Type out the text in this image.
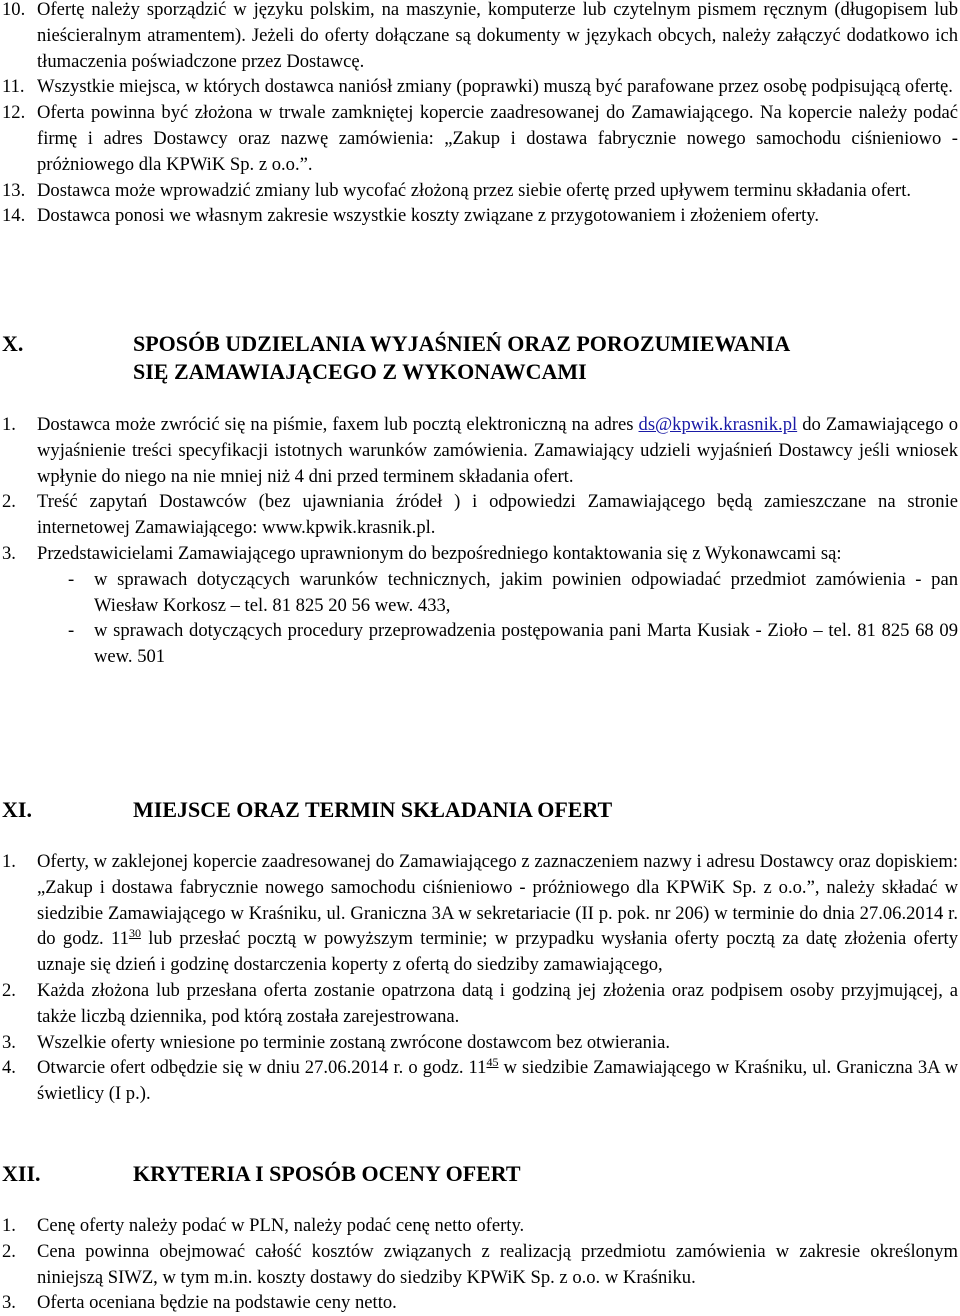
10. Ofertę należy sporządzić w języku polskim, na maszynie, komputerze lub czytelnym pismem ręcznym (długopisem lub nieścieralnym atramentem). Jeżeli do oferty dołączane są dokumenty w językach obcych, należy załączyć dodatkowo ich tłumaczenia poświadczone przez Dostawcę.
11. Wszystkie miejsca, w których dostawca naniósł zmiany (poprawki) muszą być parafowane przez osobę podpisującą ofertę.
12. Oferta powinna być złożona w trwale zamkniętej kopercie zaadresowanej do Zamawiającego. Na kopercie należy podać firmę i adres Dostawcy oraz nazwę zamówienia: „Zakup i dostawa fabrycznie nowego samochodu ciśnieniowo - próżniowego dla KPWiK Sp. z o.o.”.
13. Dostawca może wprowadzić zmiany lub wycofać złożoną przez siebie ofertę przed upływem terminu składania ofert.
14. Dostawca ponosi we własnym zakresie wszystkie koszty związane z przygotowaniem i złożeniem oferty.
X.	SPOSÓB UDZIELANIA WYJAŚNIEŃ ORAZ POROZUMIEWANIA
SIĘ ZAMAWIAJĄCEGO Z WYKONAWCAMI
1.	Dostawca może zwrócić się na piśmie, faxem lub pocztą elektroniczną na adres ds@kpwik.krasnik.pl do Zamawiającego o wyjaśnienie treści specyfikacji istotnych warunków zamówienia. Zamawiający udzieli wyjaśnień Dostawcy jeśli wniosek wpłynie do niego na nie mniej niż 4 dni przed terminem składania ofert.
2.	Treść zapytań Dostawców (bez ujawniania źródeł ) i odpowiedzi Zamawiającego będą zamieszczane na stronie internetowej Zamawiającego: www.kpwik.krasnik.pl.
3.	Przedstawicielami Zamawiającego uprawnionym do bezpośredniego kontaktowania się z Wykonawcami są:
-	w sprawach dotyczących warunków technicznych, jakim powinien odpowiadać przedmiot zamówienia - pan Wiesław Korkosz – tel. 81 825 20 56 wew. 433,
-	w sprawach dotyczących procedury przeprowadzenia postępowania pani Marta Kusiak - Zioło – tel. 81 825 68 09 wew. 501
XI.	MIEJSCE ORAZ TERMIN SKŁADANIA OFERT
1.	Oferty, w zaklejonej kopercie zaadresowanej do Zamawiającego z zaznaczeniem nazwy i adresu Dostawcy oraz dopiskiem: „Zakup i dostawa fabrycznie nowego samochodu ciśnieniowo - próżniowego dla KPWiK Sp. z o.o.”, należy składać w siedzibie Zamawiającego w Kraśniku, ul. Graniczna 3A w sekretariacie (II p. pok. nr 206) w terminie do dnia 27.06.2014 r. do godz. $11^{30}$ lub przesłać pocztą w powyższym terminie; w przypadku wysłania oferty pocztą za datę złożenia oferty uznaje się dzień i godzinę dostarczenia koperty z ofertą do siedziby zamawiającego,
2.	Każda złożona lub przesłana oferta zostanie opatrzona datą i godziną jej złożenia oraz podpisem osoby przyjmującej, a także liczbą dziennika, pod którą została zarejestrowana.
3.	Wszelkie oferty wniesione po terminie zostaną zwrócone dostawcom bez otwierania.
4.	Otwarcie ofert odbędzie się w dniu 27.06.2014 r. o godz. $11^{45}$ w siedzibie Zamawiającego w Kraśniku, ul. Graniczna 3A w świetlicy (I p.).
XII.	KRYTERIA I SPOSÓB OCENY OFERT
1.	Cenę oferty należy podać w PLN, należy podać cenę netto oferty.
2.	Cena powinna obejmować całość kosztów związanych z realizacją przedmiotu zamówienia w zakresie określonym niniejszą SIWZ, w tym m.in. koszty dostawy do siedziby KPWiK Sp. z o.o. w Kraśniku.
3.	Oferta oceniana będzie na podstawie ceny netto.
